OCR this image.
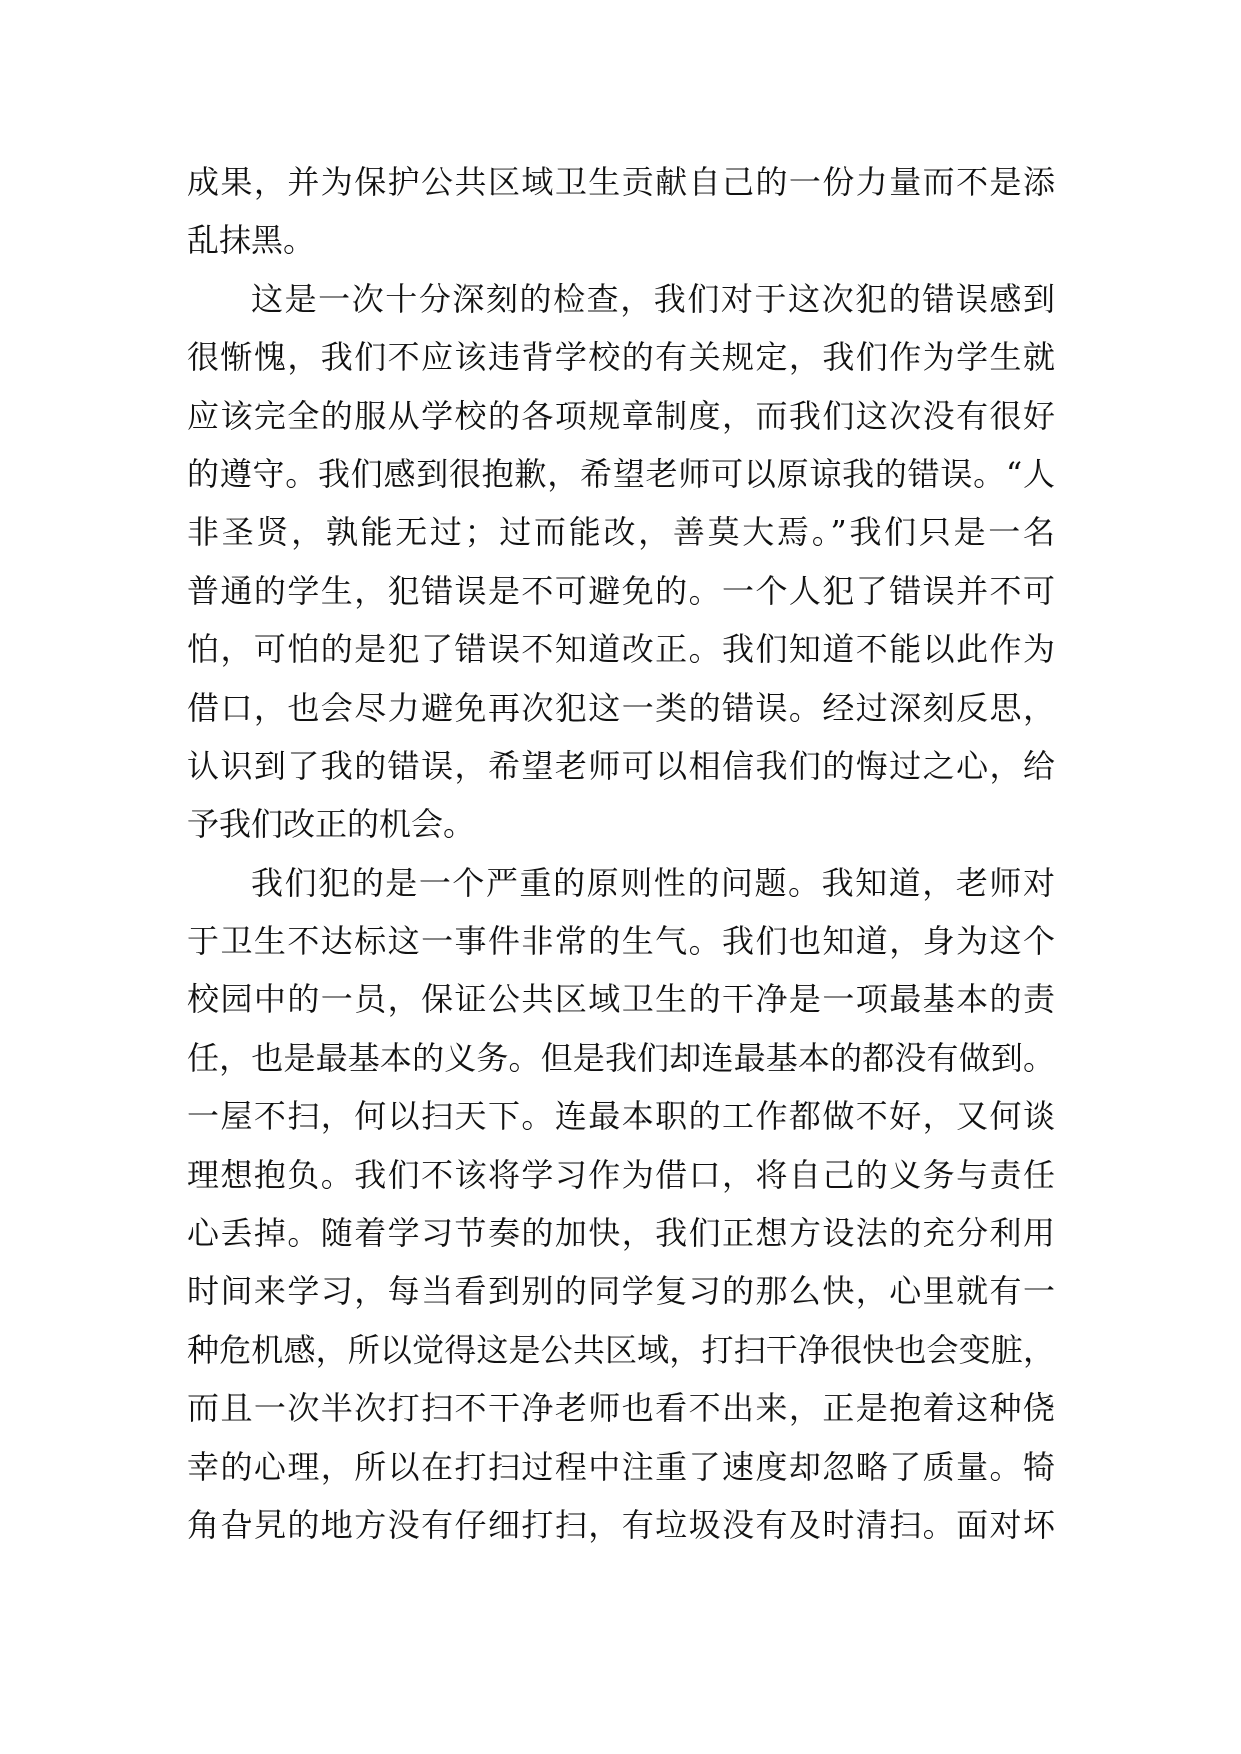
成果，并为保护公共区域卫生贡献自己的一份力量而不是添
乱抹黑。
这是一次十分深刻的检查，我们对于这次犯的错误感到
很惭愧，我们不应该违背学校的有关规定，我们作为学生就
应该完全的服从学校的各项规章制度，而我们这次没有很好
的遵守。我们感到很抱歉，希望老师可以原谅我的错误。“人
非圣贤，孰能无过；过而能改，善莫大焉。”我们只是一名
普通的学生，犯错误是不可避免的。一个人犯了错误并不可
怕，可怕的是犯了错误不知道改正。我们知道不能以此作为
借口，也会尽力避免再次犯这一类的错误。经过深刻反思，
认识到了我的错误，希望老师可以相信我们的悔过之心，给
予我们改正的机会。
我们犯的是一个严重的原则性的问题。我知道，老师对
于卫生不达标这一事件非常的生气。我们也知道，身为这个
校园中的一员，保证公共区域卫生的干净是一项最基本的责
任，也是最基本的义务。但是我们却连最基本的都没有做到。
一屋不扫，何以扫天下。连最本职的工作都做不好，又何谈
理想抱负。我们不该将学习作为借口，将自己的义务与责任
心丢掉。随着学习节奏的加快，我们正想方设法的充分利用
时间来学习，每当看到别的同学复习的那么快，心里就有一
种危机感，所以觉得这是公共区域，打扫干净很快也会变脏，
而且一次半次打扫不干净老师也看不出来，正是抱着这种侥
幸的心理，所以在打扫过程中注重了速度却忽略了质量。犄
角旮旯的地方没有仔细打扫，有垃圾没有及时清扫。面对坏
